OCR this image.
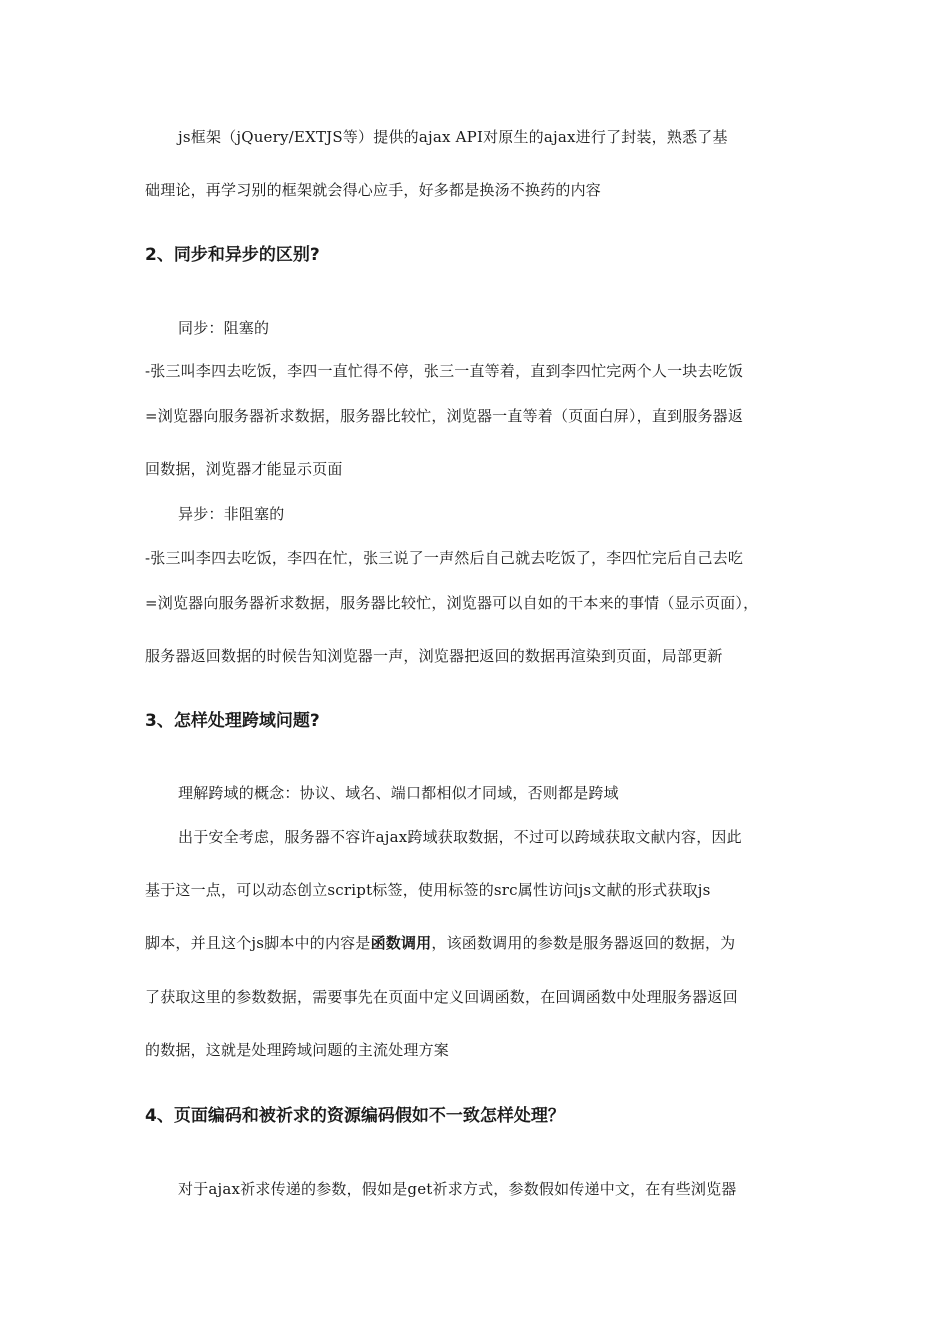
js框架（jQuery/EXTJS等）提供的ajax API对原生的ajax进行了封装，熟悉了基
础理论，再学习别的框架就会得心应手，好多都是换汤不换药的内容
2、同步和异步的区别?
同步：阻塞的
-张三叫李四去吃饭，李四一直忙得不停，张三一直等着，直到李四忙完两个人一块去吃饭
=浏览器向服务器祈求数据，服务器比较忙，浏览器一直等着（页面白屏），直到服务器返
回数据，浏览器才能显示页面
异步：非阻塞的
-张三叫李四去吃饭，李四在忙，张三说了一声然后自己就去吃饭了，李四忙完后自己去吃
=浏览器向服务器祈求数据，服务器比较忙，浏览器可以自如的干本来的事情（显示页面），
服务器返回数据的时候告知浏览器一声，浏览器把返回的数据再渲染到页面，局部更新
3、怎样处理跨域问题?
理解跨域的概念：协议、域名、端口都相似才同域，否则都是跨域
出于安全考虑，服务器不容许ajax跨域获取数据，不过可以跨域获取文献内容，因此
基于这一点，可以动态创立script标签，使用标签的src属性访问js文献的形式获取js
脚本，并且这个js脚本中的内容是函数调用，该函数调用的参数是服务器返回的数据，为
了获取这里的参数数据，需要事先在页面中定义回调函数，在回调函数中处理服务器返回
的数据，这就是处理跨域问题的主流处理方案
4、页面编码和被祈求的资源编码假如不一致怎样处理？
对于ajax祈求传递的参数，假如是get祈求方式，参数假如传递中文，在有些浏览器
